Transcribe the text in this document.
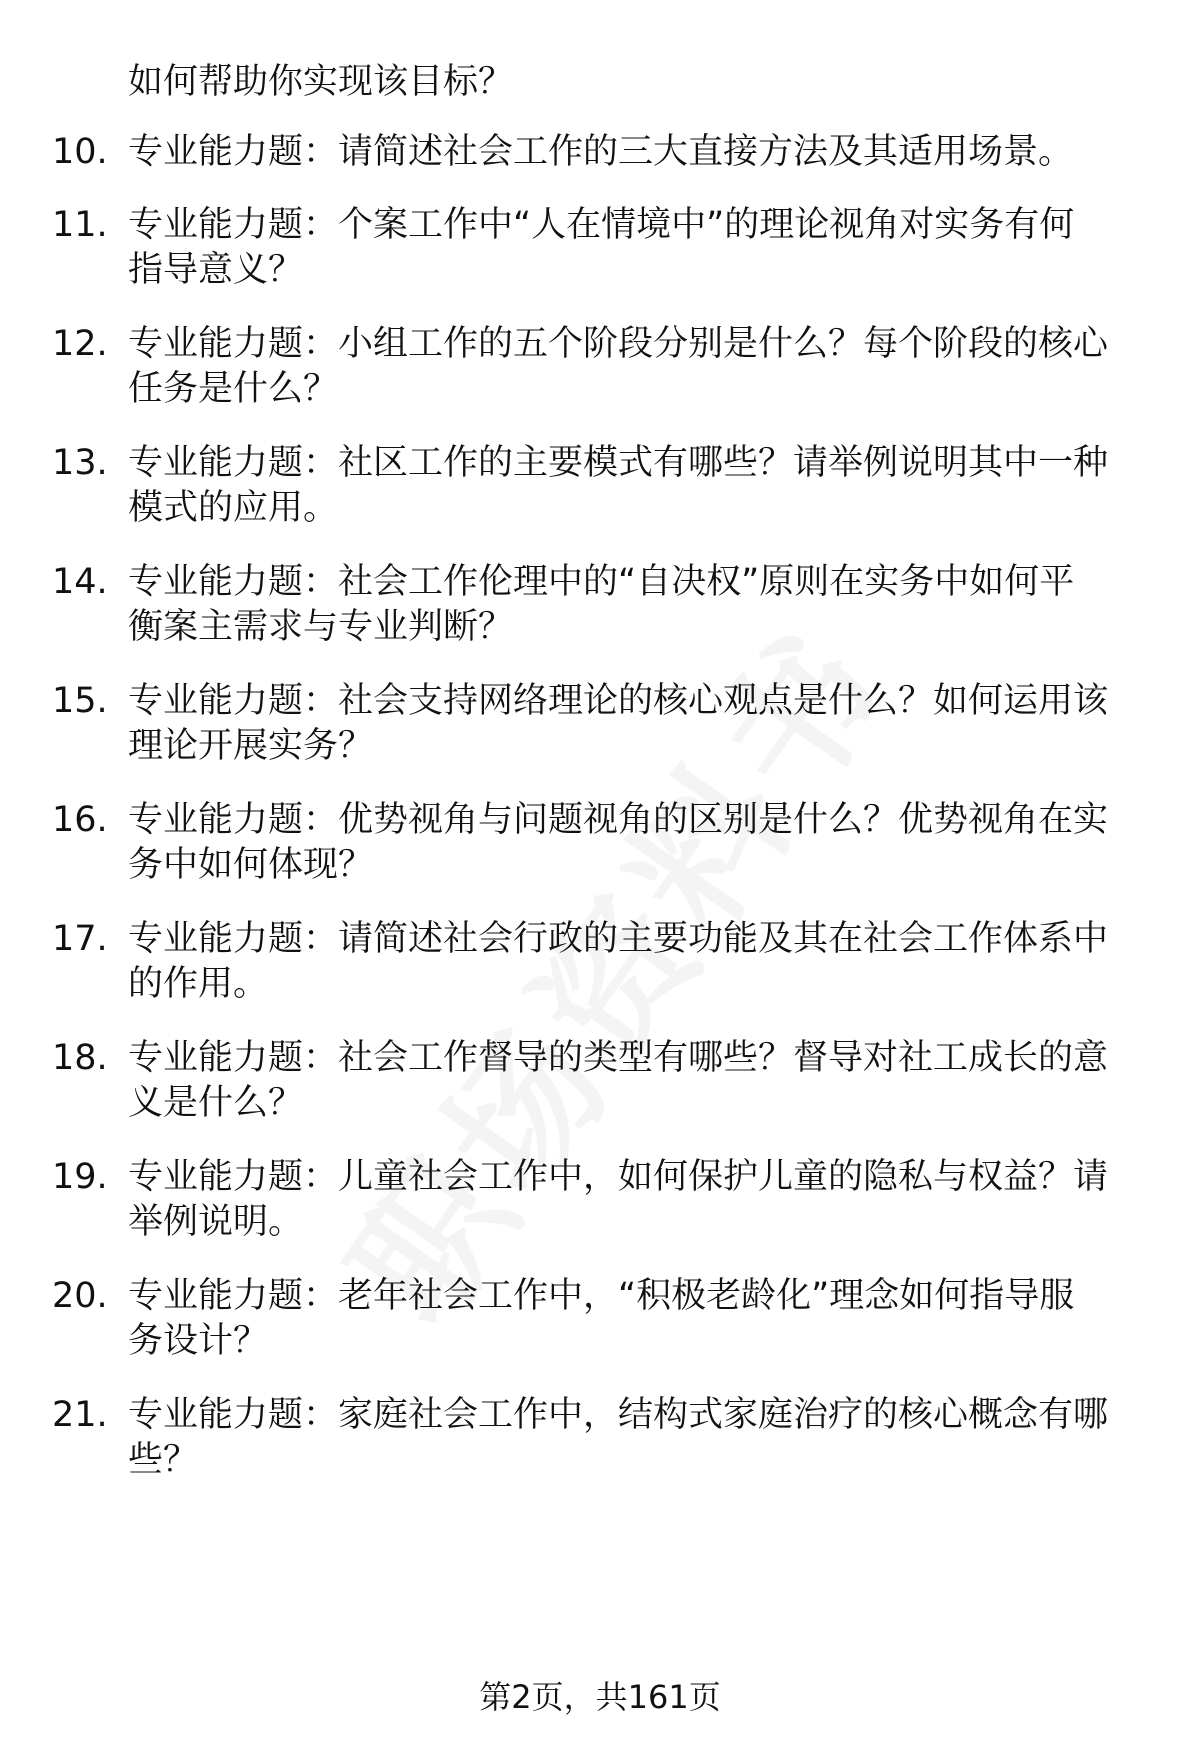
如何帮助你实现该目标？
10. 专业能力题：请简述社会工作的三大直接方法及其适用场景。
11. 专业能力题：个案工作中“人在情境中”的理论视角对实务有何
指导意义？
12. 专业能力题：小组工作的五个阶段分别是什么？每个阶段的核心
任务是什么？
13. 专业能力题：社区工作的主要模式有哪些？请举例说明其中一种
模式的应用。
14. 专业能力题：社会工作伦理中的“自决权”原则在实务中如何平
衡案主需求与专业判断？
15. 专业能力题：社会支持网络理论的核心观点是什么？如何运用该
理论开展实务？
16. 专业能力题：优势视角与问题视角的区别是什么？优势视角在实
务中如何体现？
17. 专业能力题：请简述社会行政的主要功能及其在社会工作体系中
的作用。
18. 专业能力题：社会工作督导的类型有哪些？督导对社工成长的意
义是什么？
19. 专业能力题：儿童社会工作中，如何保护儿童的隐私与权益？请
举例说明。
20. 专业能力题：老年社会工作中，“积极老龄化”理念如何指导服
务设计？
21. 专业能力题：家庭社会工作中，结构式家庭治疗的核心概念有哪
些？
第2页，共161页
